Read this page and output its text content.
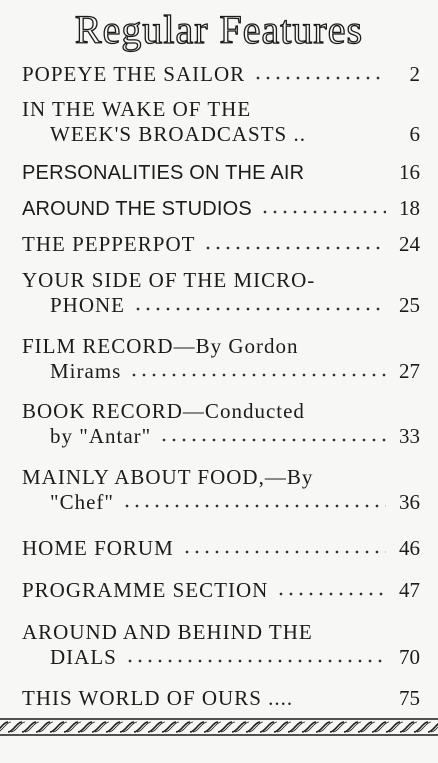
Regular Features
POPEYE THE SAILOR	2
IN THE WAKE OF THE
WEEK'S BROADCASTS ..	6
PERSONALITIES ON THE AIR	16
AROUND THE STUDIOS	18
THE PEPPERPOT	24
YOUR SIDE OF THE MICRO-
PHONE	25
FILM RECORD—By Gordon
Mirams	27
BOOK RECORD—Conducted
by "Antar"	33
MAINLY ABOUT FOOD,—By
"Chef"	36
HOME FORUM	46
PROGRAMME SECTION	47
AROUND AND BEHIND THE
DIALS	70
THIS WORLD OF OURS ....	75
